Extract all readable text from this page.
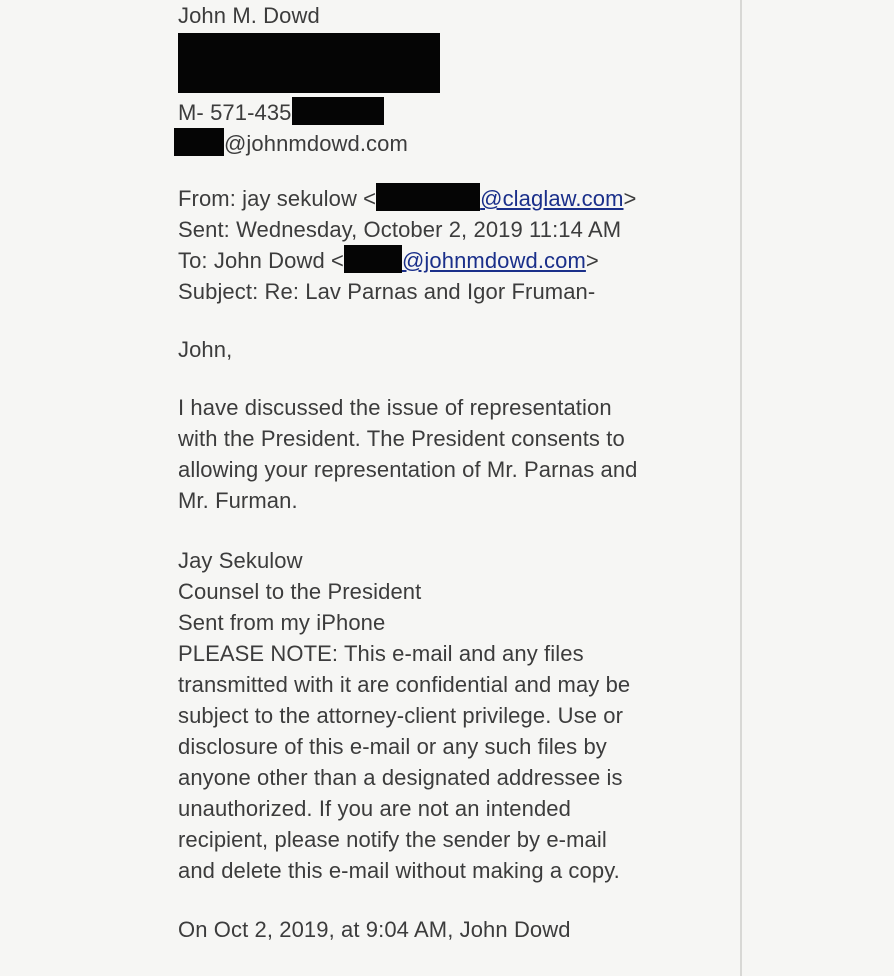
John M. Dowd
M- 571-435
@johnmdowd.com
From: jay sekulow <	@claglaw.com>
Sent: Wednesday, October 2, 2019 11:14 AM
To: John Dowd <	@johnmdowd.com>
Subject: Re: Lav Parnas and Igor Fruman-
John,
I have discussed the issue of representation
with the President. The President consents to
allowing your representation of Mr. Parnas and
Mr. Furman.
Jay Sekulow
Counsel to the President
Sent from my iPhone
PLEASE NOTE: This e-mail and any files
transmitted with it are confidential and may be
subject to the attorney-client privilege. Use or
disclosure of this e-mail or any such files by
anyone other than a designated addressee is
unauthorized. If you are not an intended
recipient, please notify the sender by e-mail
and delete this e-mail without making a copy.
On Oct 2, 2019, at 9:04 AM, John Dowd
